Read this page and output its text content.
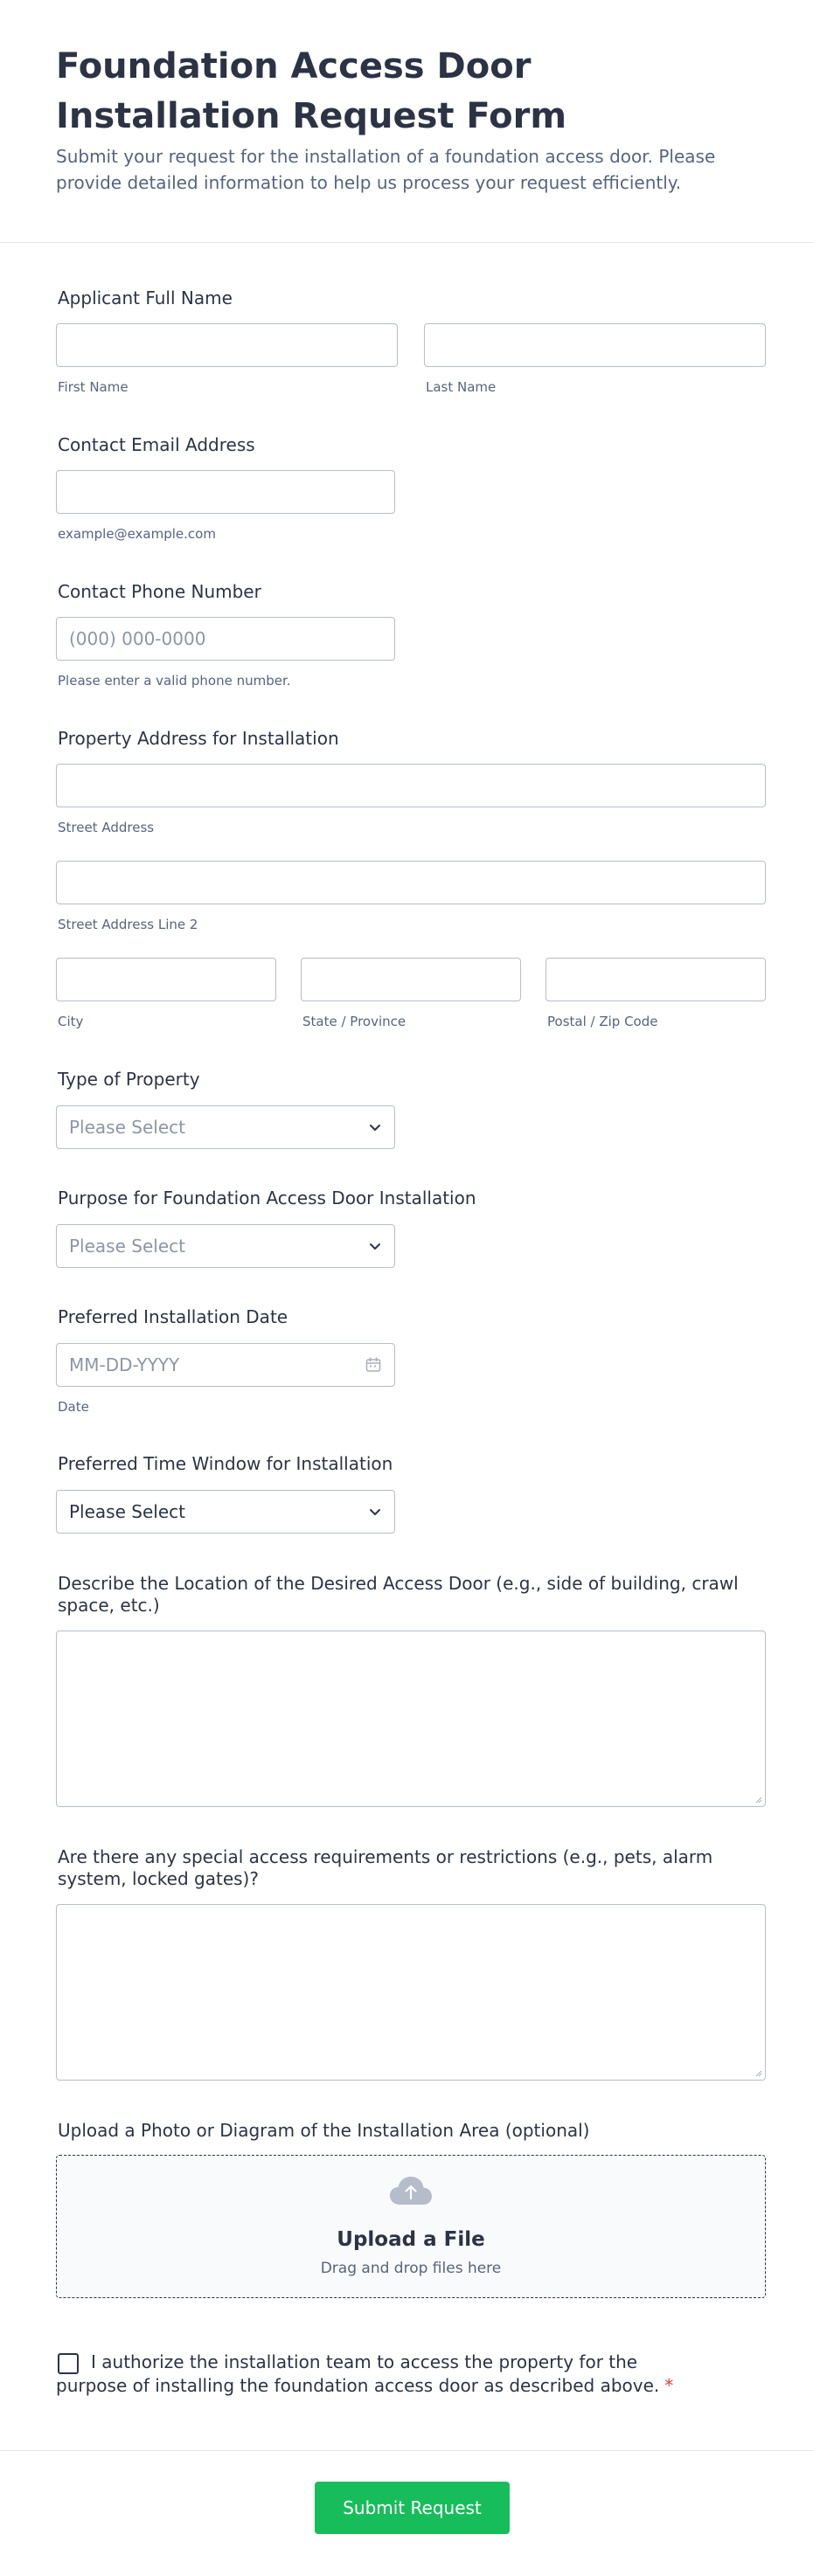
Foundation Access Door Installation Request Form

Submit your request for the installation of a foundation access door. Please provide detailed information to help us process your request efficiently.

Applicant Full Name
First Name	Last Name
Contact Email Address
example@example.com
Contact Phone Number
(000) 000-0000
Please enter a valid phone number.
Property Address for Installation
Street Address
Street Address Line 2
City	State / Province	Postal / Zip Code
Type of Property
Please Select
Purpose for Foundation Access Door Installation
Please Select
Preferred Installation Date
MM-DD-YYYY
Date
Preferred Time Window for Installation
Please Select
Describe the Location of the Desired Access Door (e.g., side of building, crawl space, etc.)
Are there any special access requirements or restrictions (e.g., pets, alarm system, locked gates)?
Upload a Photo or Diagram of the Installation Area (optional)
Upload a File
Drag and drop files here

I authorize the installation team to access the property for the purpose of installing the foundation access door as described above. *

Submit Request
